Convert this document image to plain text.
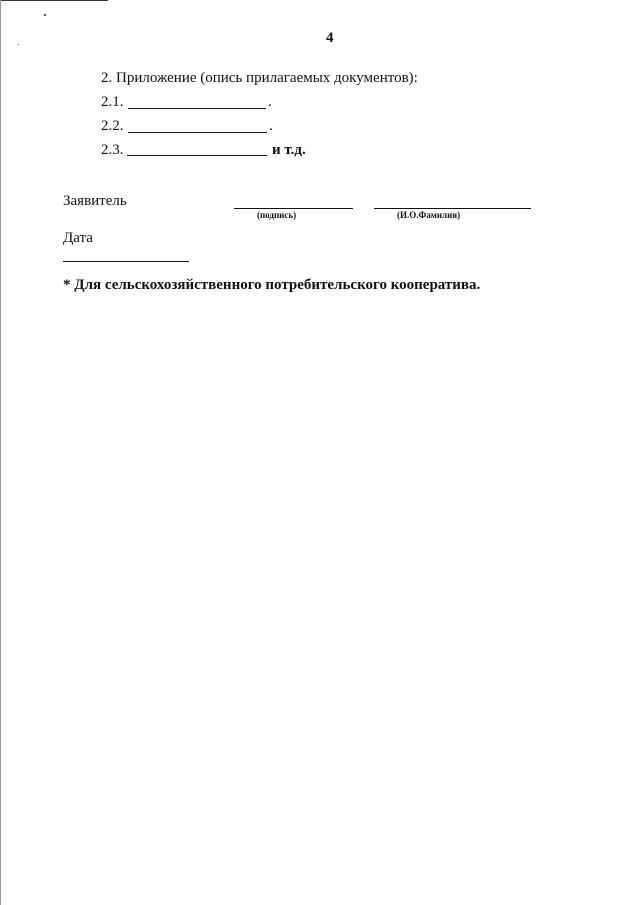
4
2. Приложение (опись прилагаемых документов):
2.1.	.
2.2.	.
2.3.	и т.д.
Заявитель
(подпись)	(И.О.Фамилия)
Дата
* Для сельскохозяйственного потребительского кооператива.
